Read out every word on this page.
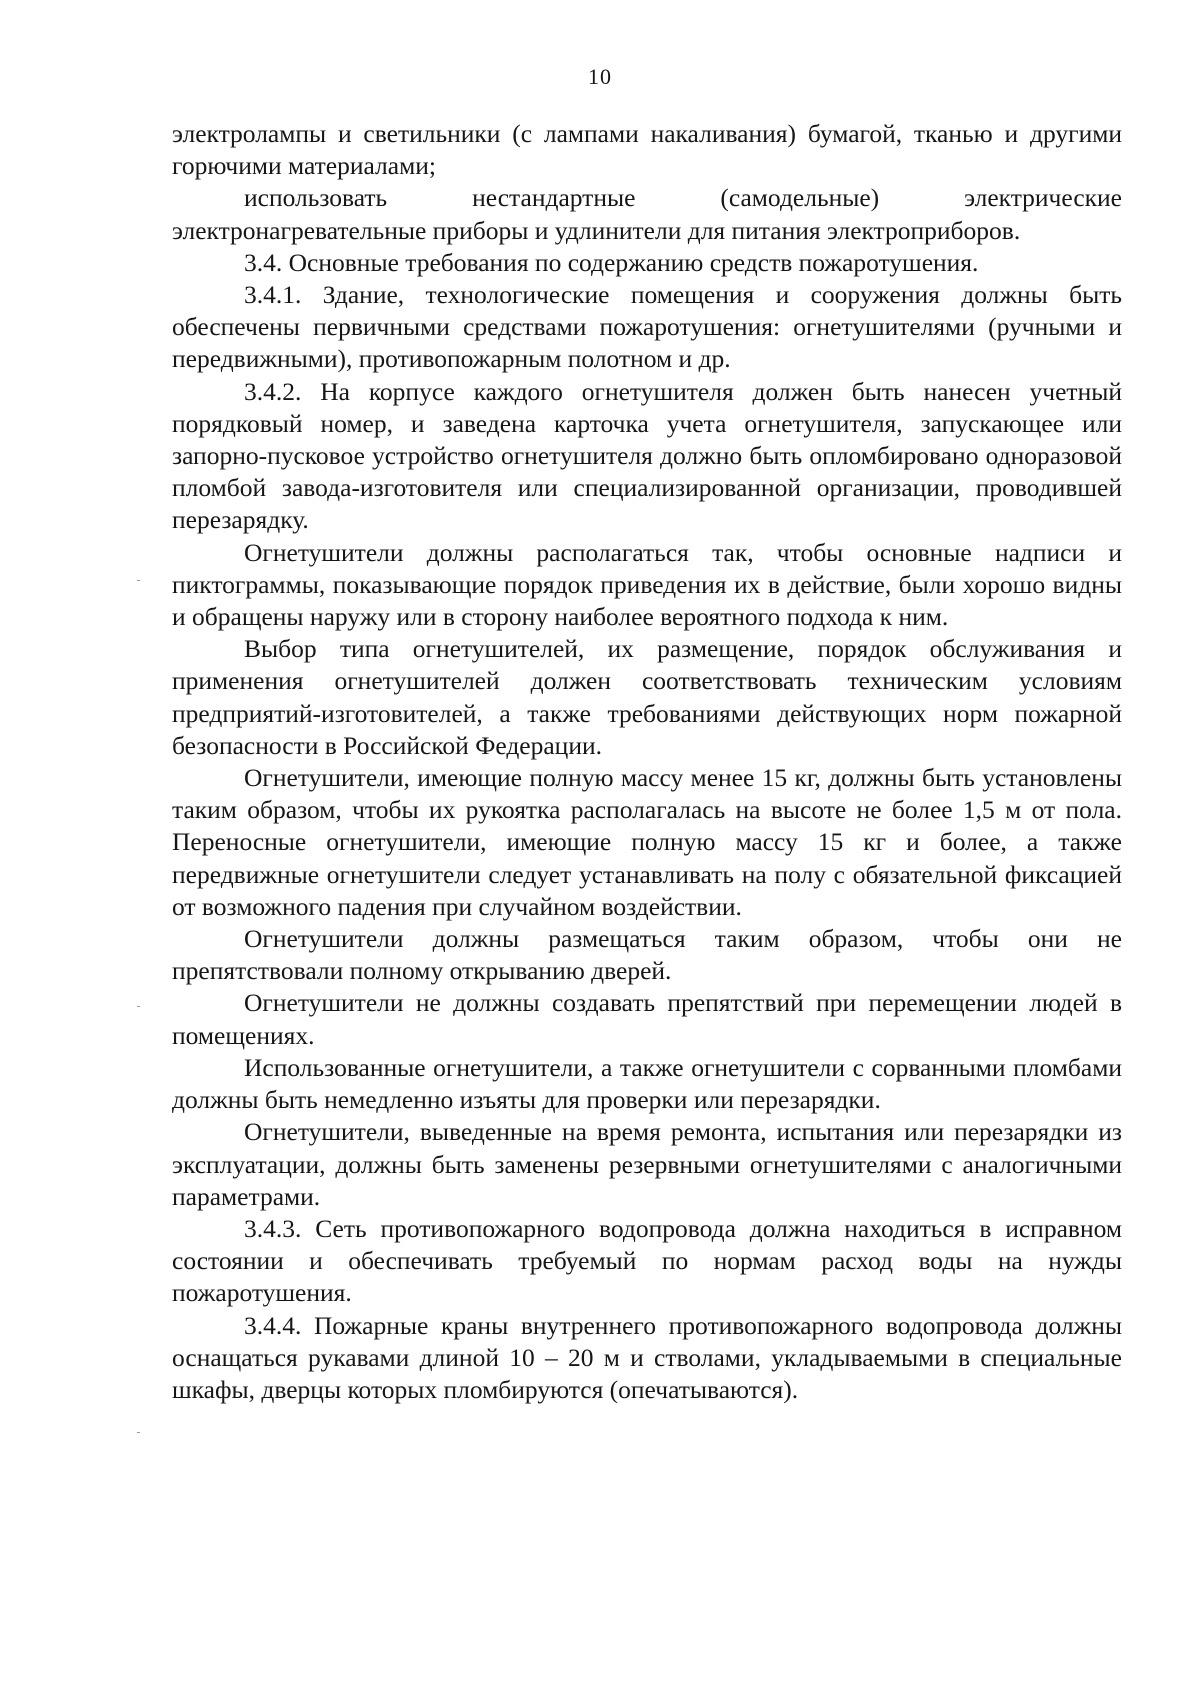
10

электролампы и светильники (с лампами накаливания) бумагой, тканью и другими горючими материалами;

использовать нестандартные (самодельные) электрические электронагревательные приборы и удлинители для питания электроприборов.

3.4. Основные требования по содержанию средств пожаротушения.

3.4.1. Здание, технологические помещения и сооружения должны быть обеспечены первичными средствами пожаротушения: огнетушителями (ручными и передвижными), противопожарным полотном и др.

3.4.2. На корпусе каждого огнетушителя должен быть нанесен учетный порядковый номер, и заведена карточка учета огнетушителя, запускающее или запорно-пусковое устройство огнетушителя должно быть опломбировано одноразовой пломбой завода-изготовителя или специализированной организации, проводившей перезарядку.

Огнетушители должны располагаться так, чтобы основные надписи и пиктограммы, показывающие порядок приведения их в действие, были хорошо видны и обращены наружу или в сторону наиболее вероятного подхода к ним.

Выбор типа огнетушителей, их размещение, порядок обслуживания и применения огнетушителей должен соответствовать техническим условиям предприятий-изготовителей, а также требованиями действующих норм пожарной безопасности в Российской Федерации.

Огнетушители, имеющие полную массу менее 15 кг, должны быть установлены таким образом, чтобы их рукоятка располагалась на высоте не более 1,5 м от пола. Переносные огнетушители, имеющие полную массу 15 кг и более, а также передвижные огнетушители следует устанавливать на полу с обязательной фиксацией от возможного падения при случайном воздействии.

Огнетушители должны размещаться таким образом, чтобы они не препятствовали полному открыванию дверей.

Огнетушители не должны создавать препятствий при перемещении людей в помещениях.

Использованные огнетушители, а также огнетушители с сорванными пломбами должны быть немедленно изъяты для проверки или перезарядки.

Огнетушители, выведенные на время ремонта, испытания или перезарядки из эксплуатации, должны быть заменены резервными огнетушителями с аналогичными параметрами.

3.4.3. Сеть противопожарного водопровода должна находиться в исправном состоянии и обеспечивать требуемый по нормам расход воды на нужды пожаротушения.

3.4.4. Пожарные краны внутреннего противопожарного водопровода должны оснащаться рукавами длиной 10 – 20 м и стволами, укладываемыми в специальные шкафы, дверцы которых пломбируются (опечатываются).
